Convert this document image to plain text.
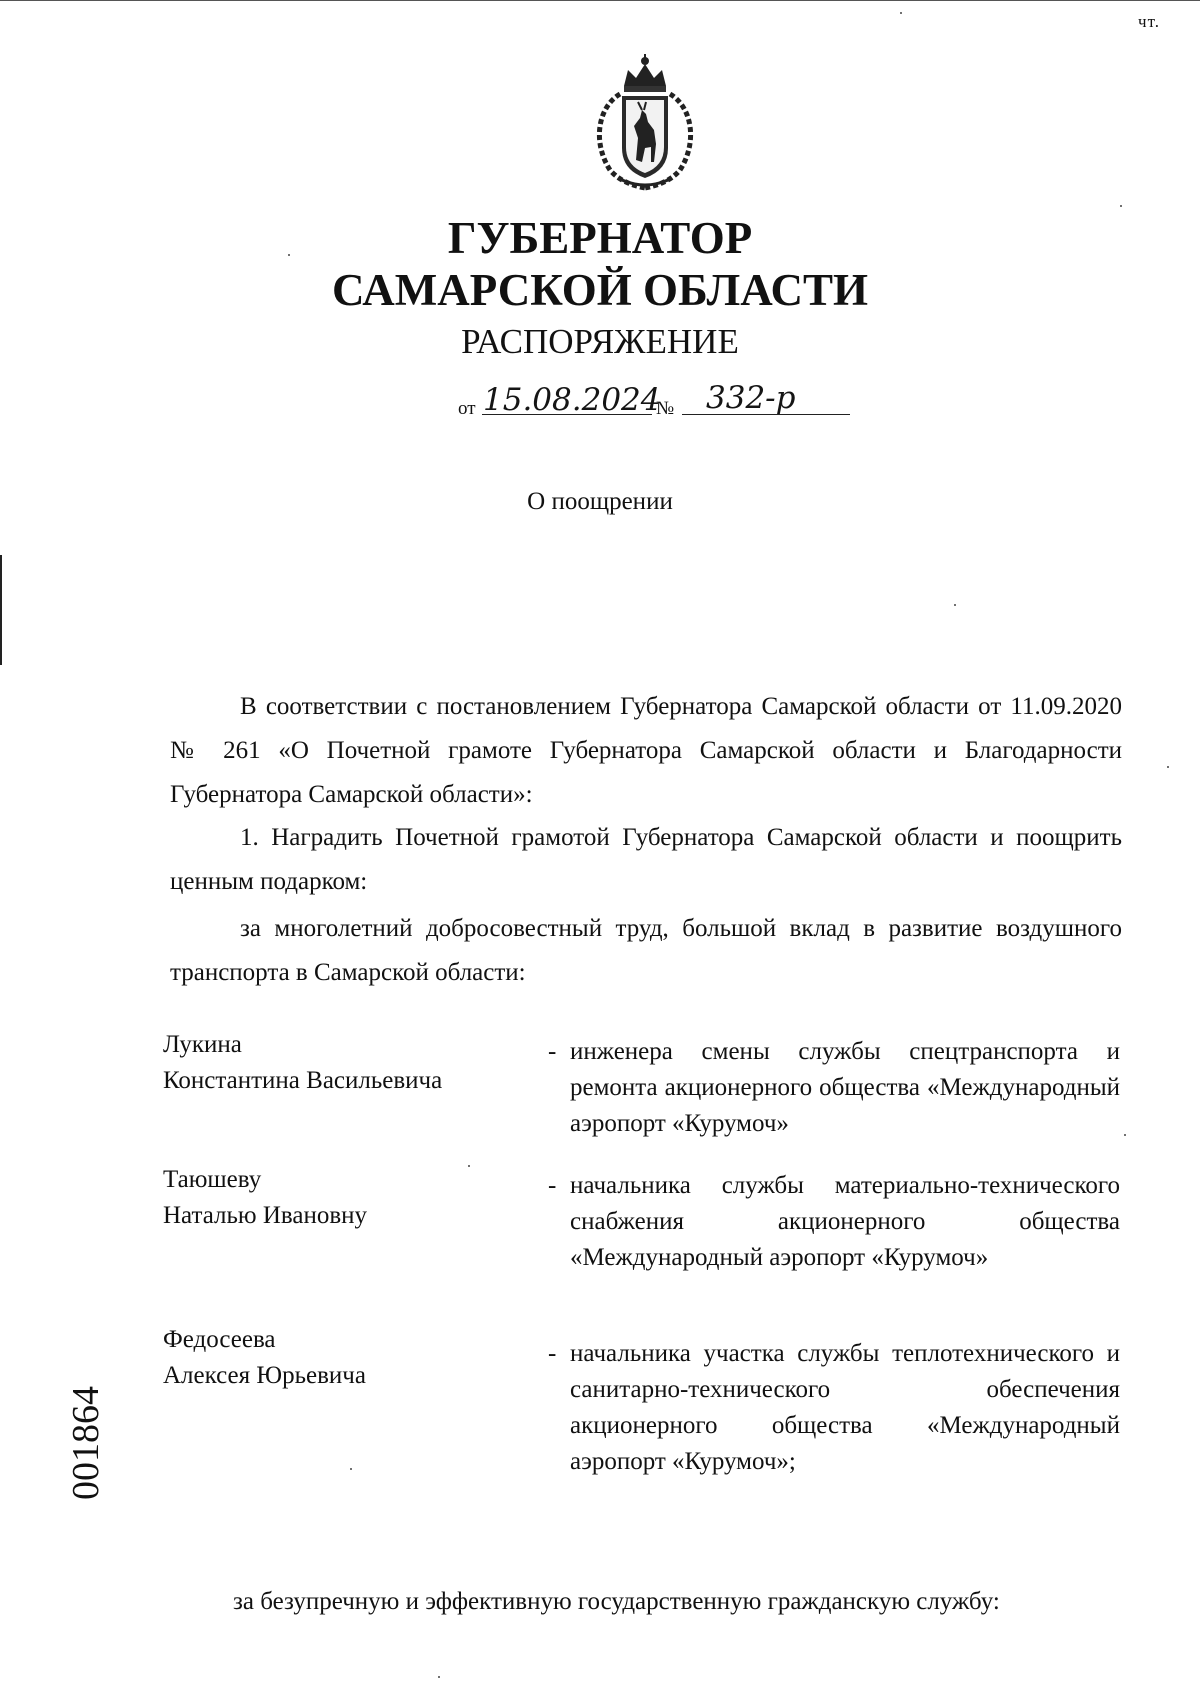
чт.
ГУБЕРНАТОР
САМАРСКОЙ ОБЛАСТИ
РАСПОРЯЖЕНИЕ
от 15.08.2024
№ 332-р
О поощрении
В соответствии с постановлением Губернатора Самарской области от 11.09.2020 № 261 «О Почетной грамоте Губернатора Самарской области и Благодарности Губернатора Самарской области»:
1. Наградить Почетной грамотой Губернатора Самарской области и поощрить ценным подарком:
за многолетний добросовестный труд, большой вклад в развитие воздушного транспорта в Самарской области:
Лукина
Константина Васильевича
- инженера смены службы спецтранспорта и ремонта акционерного общества «Международный аэропорт «Курумоч»
Таюшеву
Наталью Ивановну
- начальника службы материально-технического снабжения акционерного общества «Международный аэропорт «Курумоч»
Федосеева
Алексея Юрьевича
- начальника участка службы теплотехнического и санитарно-технического обеспечения акционерного общества «Международный аэропорт «Курумоч»;
за безупречную и эффективную государственную гражданскую службу:
001864
